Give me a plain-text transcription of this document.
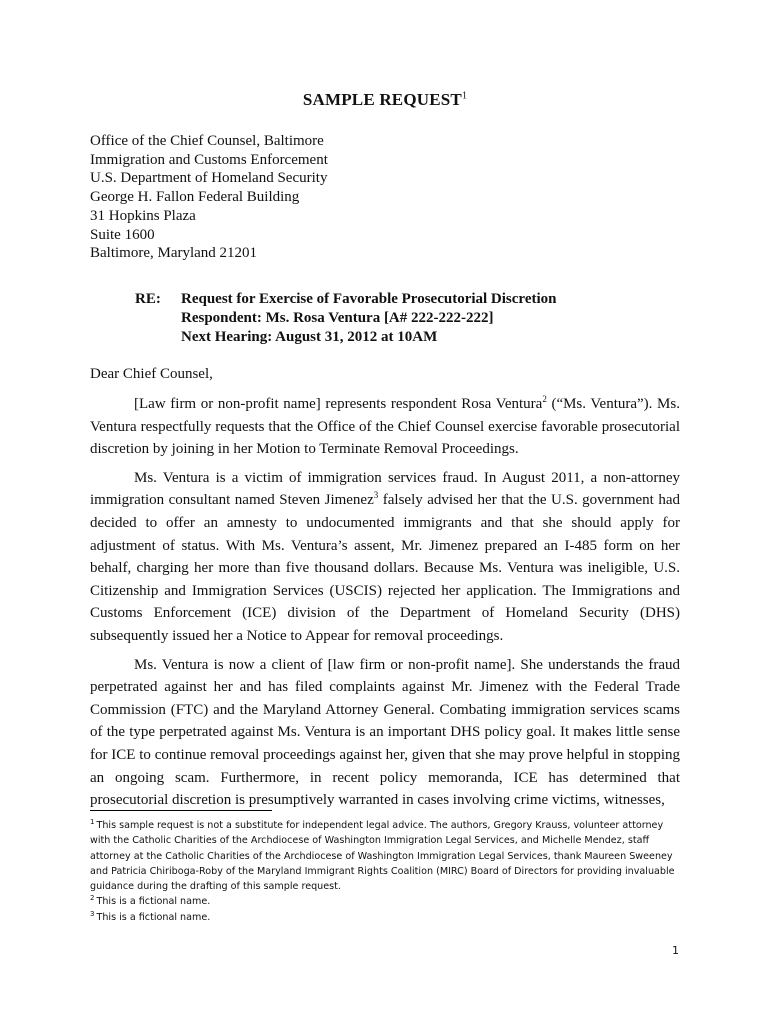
SAMPLE REQUEST$^1$
Office of the Chief Counsel, Baltimore
Immigration and Customs Enforcement
U.S. Department of Homeland Security
George H. Fallon Federal Building
31 Hopkins Plaza
Suite 1600
Baltimore, Maryland 21201
RE: Request for Exercise of Favorable Prosecutorial Discretion
Respondent: Ms. Rosa Ventura [A# 222-222-222]
Next Hearing: August 31, 2012 at 10AM
Dear Chief Counsel,

[Law firm or non-profit name] represents respondent Rosa Ventura$^2$ (“Ms. Ventura”). Ms. Ventura respectfully requests that the Office of the Chief Counsel exercise favorable prosecutorial discretion by joining in her Motion to Terminate Removal Proceedings.

Ms. Ventura is a victim of immigration services fraud. In August 2011, a non-attorney immigration consultant named Steven Jimenez$^3$ falsely advised her that the U.S. government had decided to offer an amnesty to undocumented immigrants and that she should apply for adjustment of status. With Ms. Ventura’s assent, Mr. Jimenez prepared an I-485 form on her behalf, charging her more than five thousand dollars. Because Ms. Ventura was ineligible, U.S. Citizenship and Immigration Services (USCIS) rejected her application. The Immigrations and Customs Enforcement (ICE) division of the Department of Homeland Security (DHS) subsequently issued her a Notice to Appear for removal proceedings.

Ms. Ventura is now a client of [law firm or non-profit name]. She understands the fraud perpetrated against her and has filed complaints against Mr. Jimenez with the Federal Trade Commission (FTC) and the Maryland Attorney General. Combating immigration services scams of the type perpetrated against Ms. Ventura is an important DHS policy goal. It makes little sense for ICE to continue removal proceedings against her, given that she may prove helpful in stopping an ongoing scam. Furthermore, in recent policy memoranda, ICE has determined that prosecutorial discretion is presumptively warranted in cases involving crime victims, witnesses,

$^1$ This sample request is not a substitute for independent legal advice. The authors, Gregory Krauss, volunteer attorney with the Catholic Charities of the Archdiocese of Washington Immigration Legal Services, and Michelle Mendez, staff attorney at the Catholic Charities of the Archdiocese of Washington Immigration Legal Services, thank Maureen Sweeney and Patricia Chiriboga-Roby of the Maryland Immigrant Rights Coalition (MIRC) Board of Directors for providing invaluable guidance during the drafting of this sample request.
$^2$ This is a fictional name.
$^3$ This is a fictional name.
1
